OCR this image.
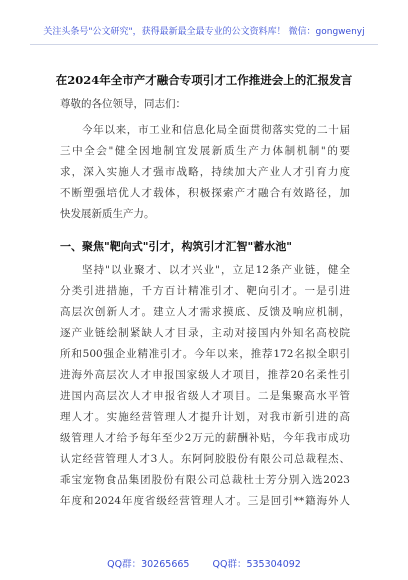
关注头条号"公文研究"，获得最新最全最专业的公文资料库！ 微信：gongwenyj
在2024年全市产才融合专项引才工作推进会上的汇报发言
尊敬的各位领导，同志们：
今年以来，市工业和信息化局全面贯彻落实党的二十届
三中全会"健全因地制宜发展新质生产力体制机制"的要
求，深入实施人才强市战略，持续加大产业人才引育力度
不断塑强培优人才载体，积极探索产才融合有效路径，加
快发展新质生产力。
一、聚焦"靶向式"引才，构筑引才汇智"蓄水池"
坚持"以业聚才、以才兴业"，立足12条产业链，健全
分类引进措施，千方百计精准引才、靶向引才。一是引进
高层次创新人才。建立人才需求摸底、反馈及响应机制，
逐产业链绘制紧缺人才目录，主动对接国内外知名高校院
所和500强企业精准引才。今年以来，推荐172名拟全职引
进海外高层次人才申报国家级人才项目，推荐20名柔性引
进国内高层次人才申报省级人才项目。二是集聚高水平管
理人才。实施经营管理人才提升计划，对我市新引进的高
级管理人才给予每年至少2万元的薪酬补贴，今年我市成功
认定经营管理人才3人。东阿阿胶股份有限公司总裁程杰、
乖宝宠物食品集团股份有限公司总裁杜士芳分别入选2023
年度和2024年度省级经营管理人才。三是回引**籍海外人
QQ群：30265665 QQ群：535304092
